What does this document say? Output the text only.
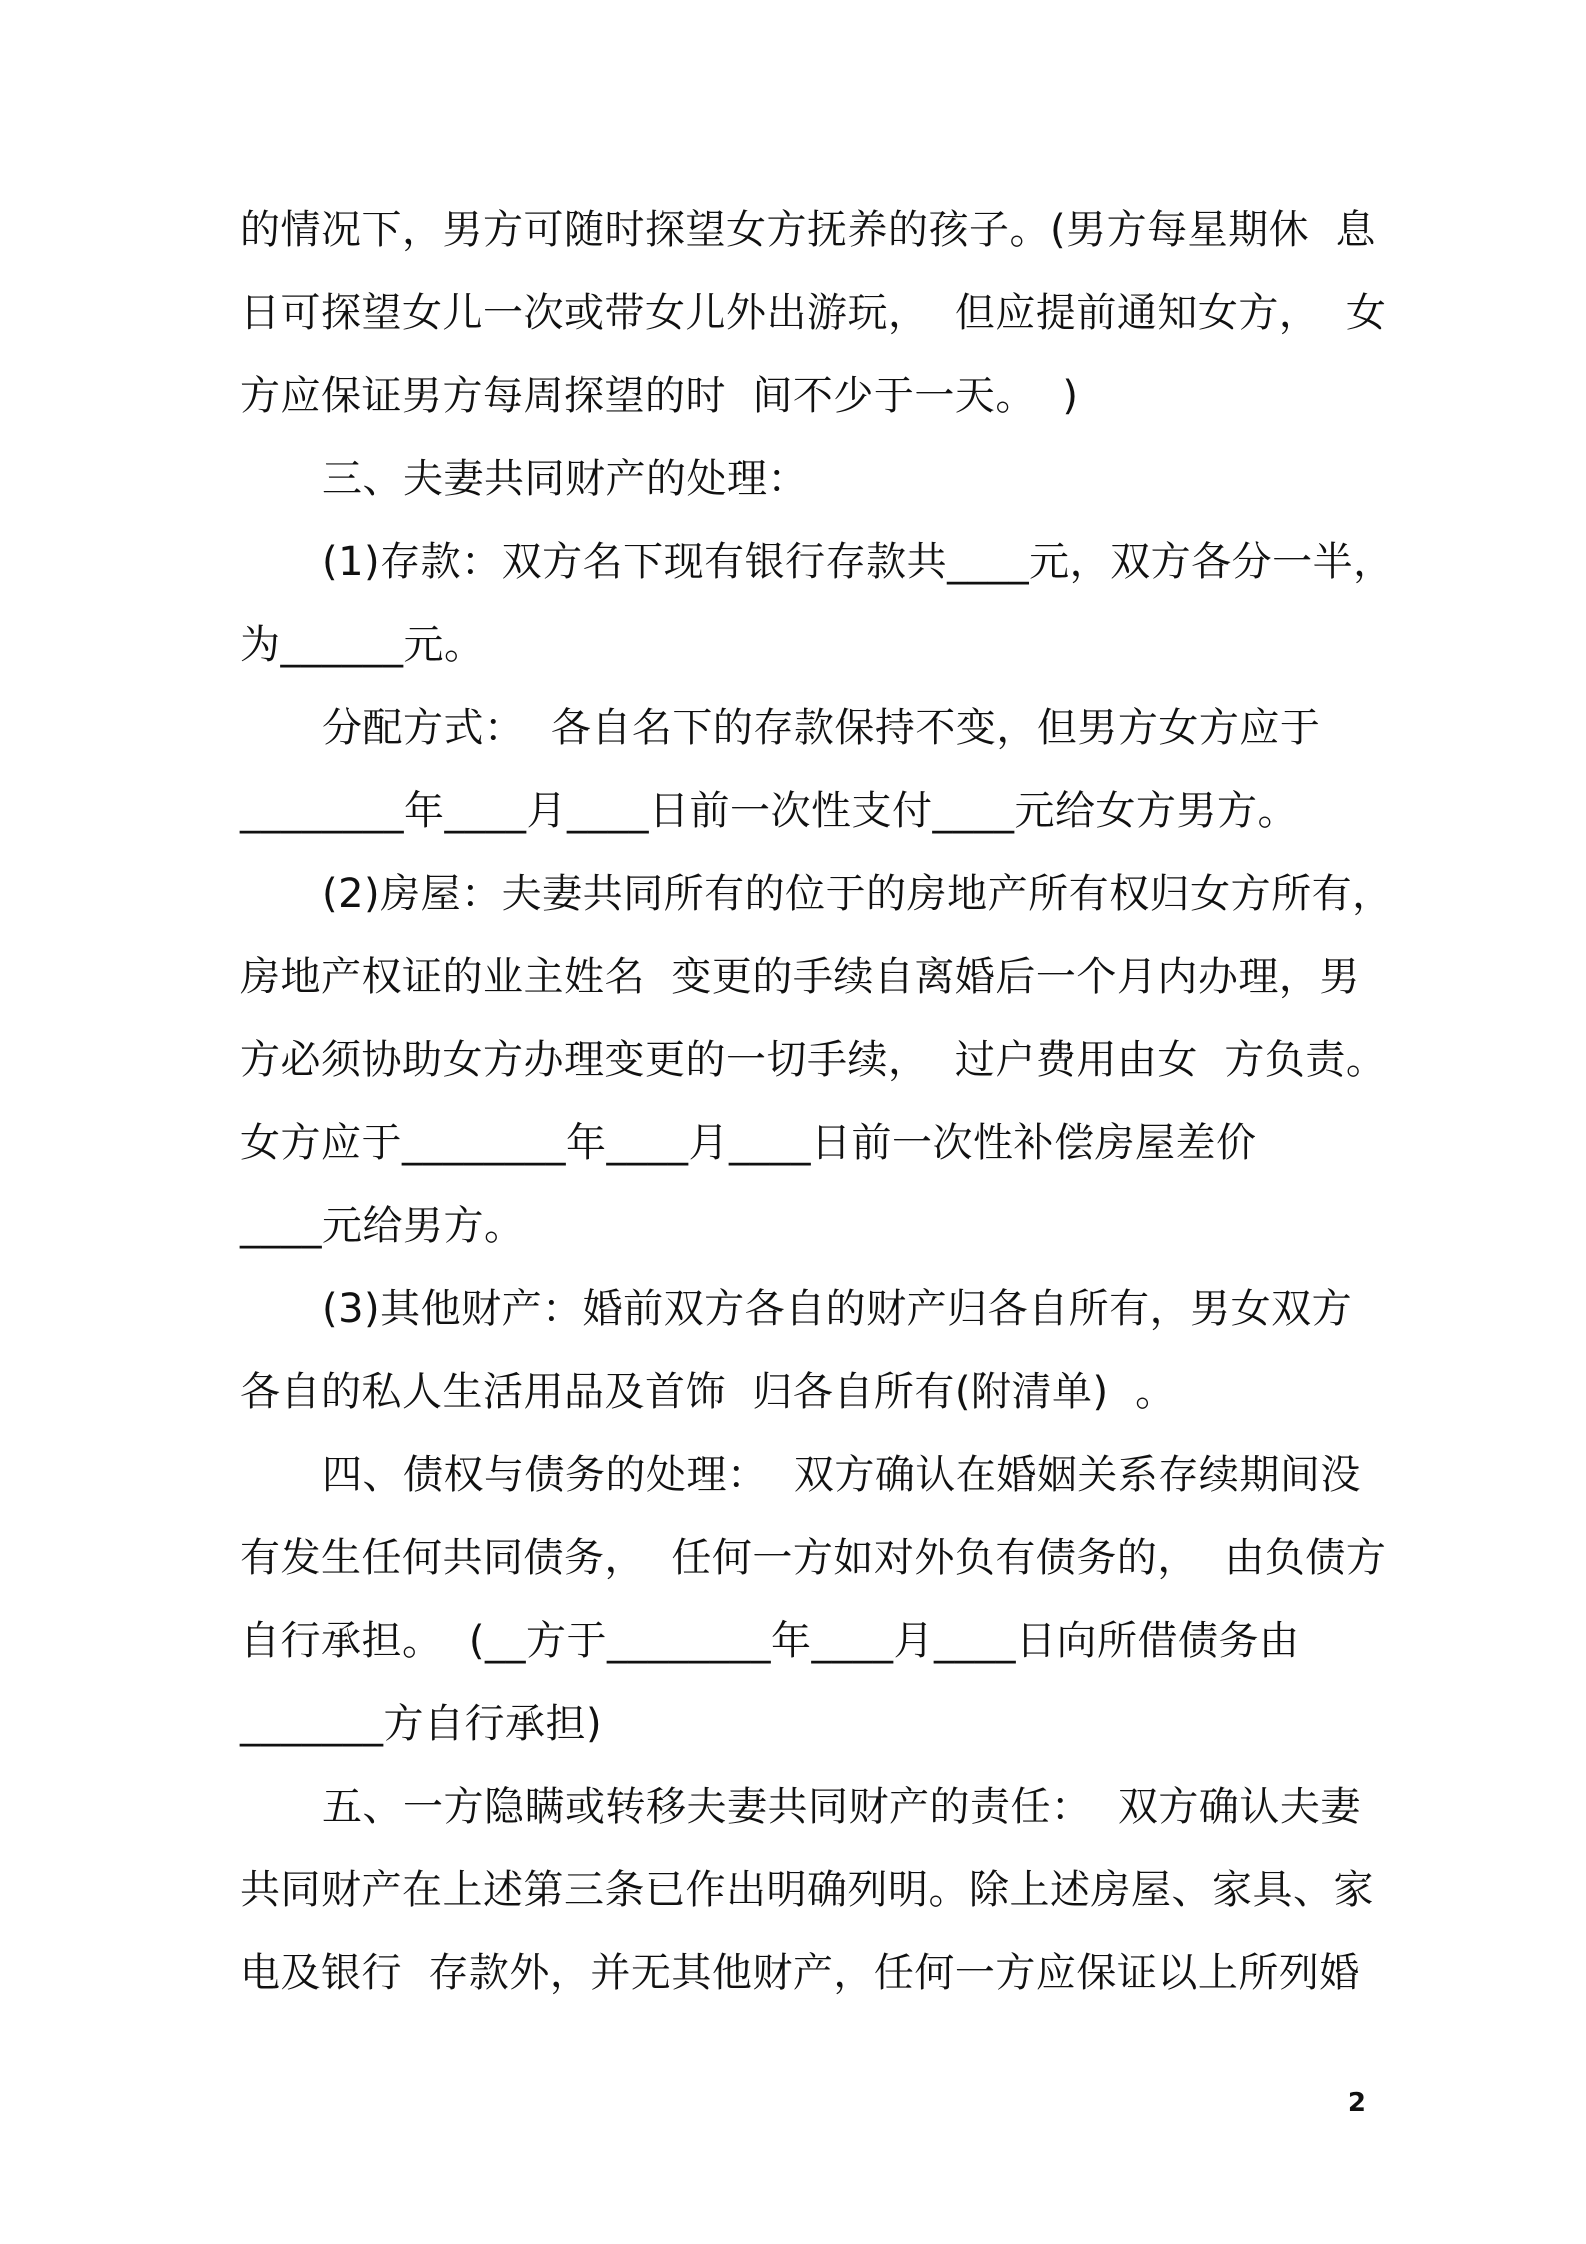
的情况下，男方可随时探望女方抚养的孩子。(男方每星期休  息
日可探望女儿一次或带女儿外出游玩，  但应提前通知女方，  女
方应保证男方每周探望的时  间不少于一天。  )
三、夫妻共同财产的处理：
(1)存款：双方名下现有银行存款共____元，双方各分一半，
为______元。
分配方式：  各自名下的存款保持不变，但男方女方应于
________年____月____日前一次性支付____元给女方男方。
(2)房屋：夫妻共同所有的位于的房地产所有权归女方所有，
房地产权证的业主姓名  变更的手续自离婚后一个月内办理，男
方必须协助女方办理变更的一切手续，  过户费用由女  方负责。
女方应于________年____月____日前一次性补偿房屋差价
____元给男方。
(3)其他财产：婚前双方各自的财产归各自所有，男女双方
各自的私人生活用品及首饰  归各自所有(附清单)  。
四、债权与债务的处理：  双方确认在婚姻关系存续期间没
有发生任何共同债务，  任何一方如对外负有债务的，  由负债方
自行承担。  (__方于________年____月____日向所借债务由
_______方自行承担)
五、一方隐瞒或转移夫妻共同财产的责任：  双方确认夫妻
共同财产在上述第三条已作出明确列明。除上述房屋、家具、家
电及银行  存款外，并无其他财产，任何一方应保证以上所列婚
2
